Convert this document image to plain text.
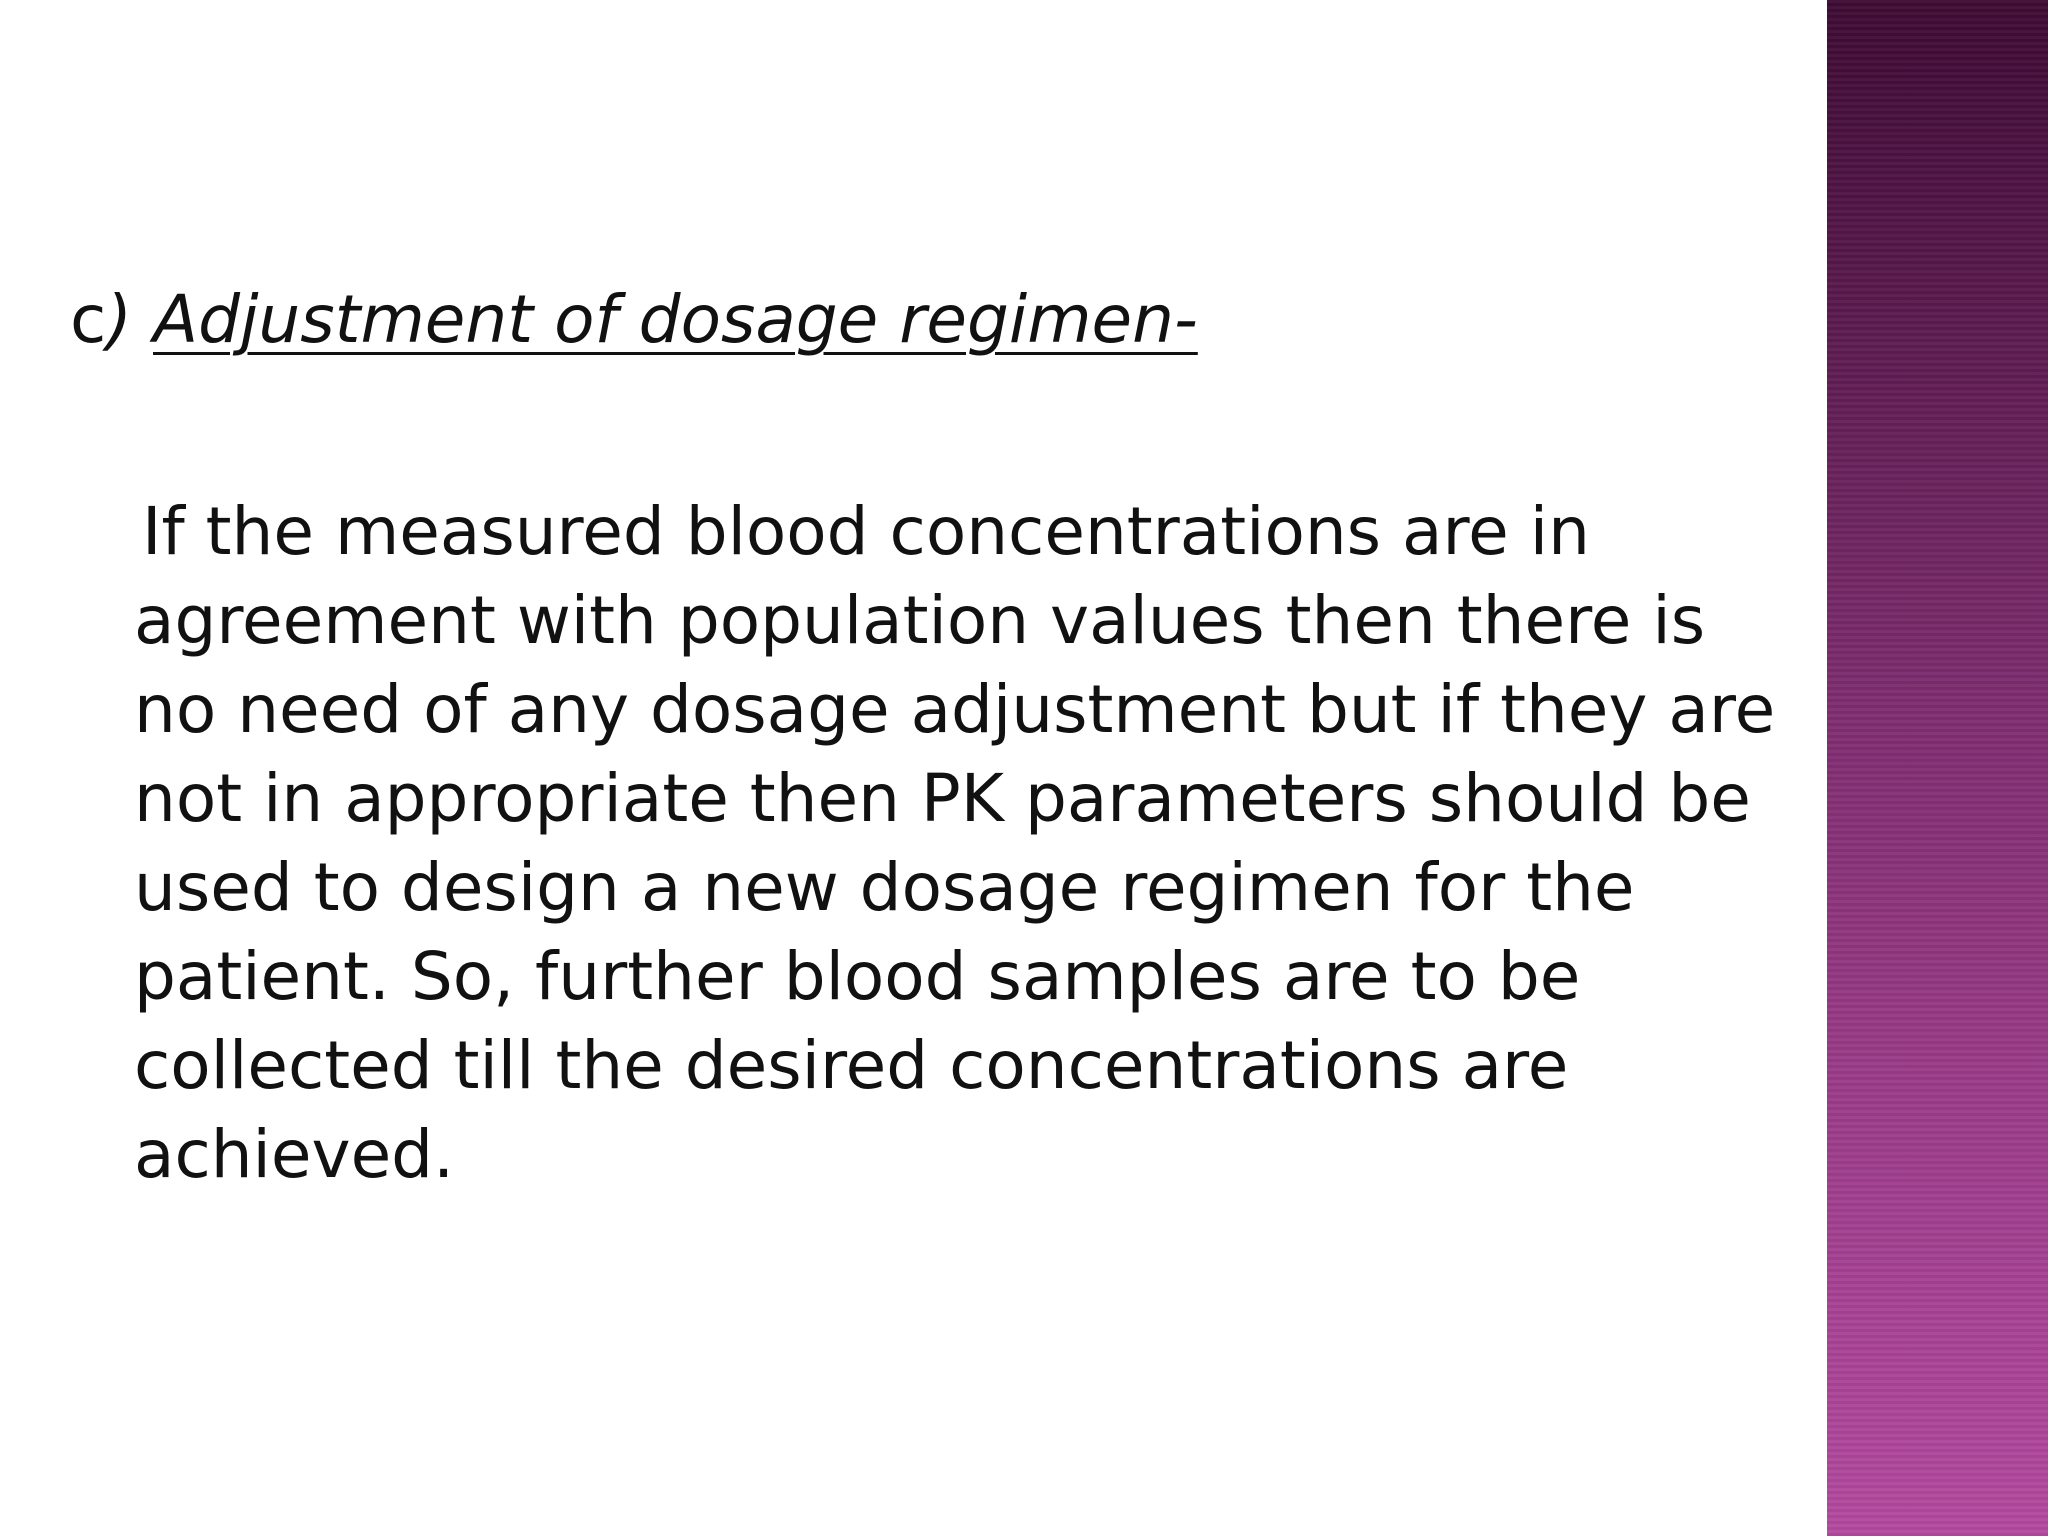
c) Adjustment of dosage regimen-

If the measured blood concentrations are in agreement with population values then there is no need of any dosage adjustment but if they are not in appropriate then PK parameters should be used to design a new dosage regimen for the patient. So, further blood samples are to be collected till the desired concentrations are achieved.
